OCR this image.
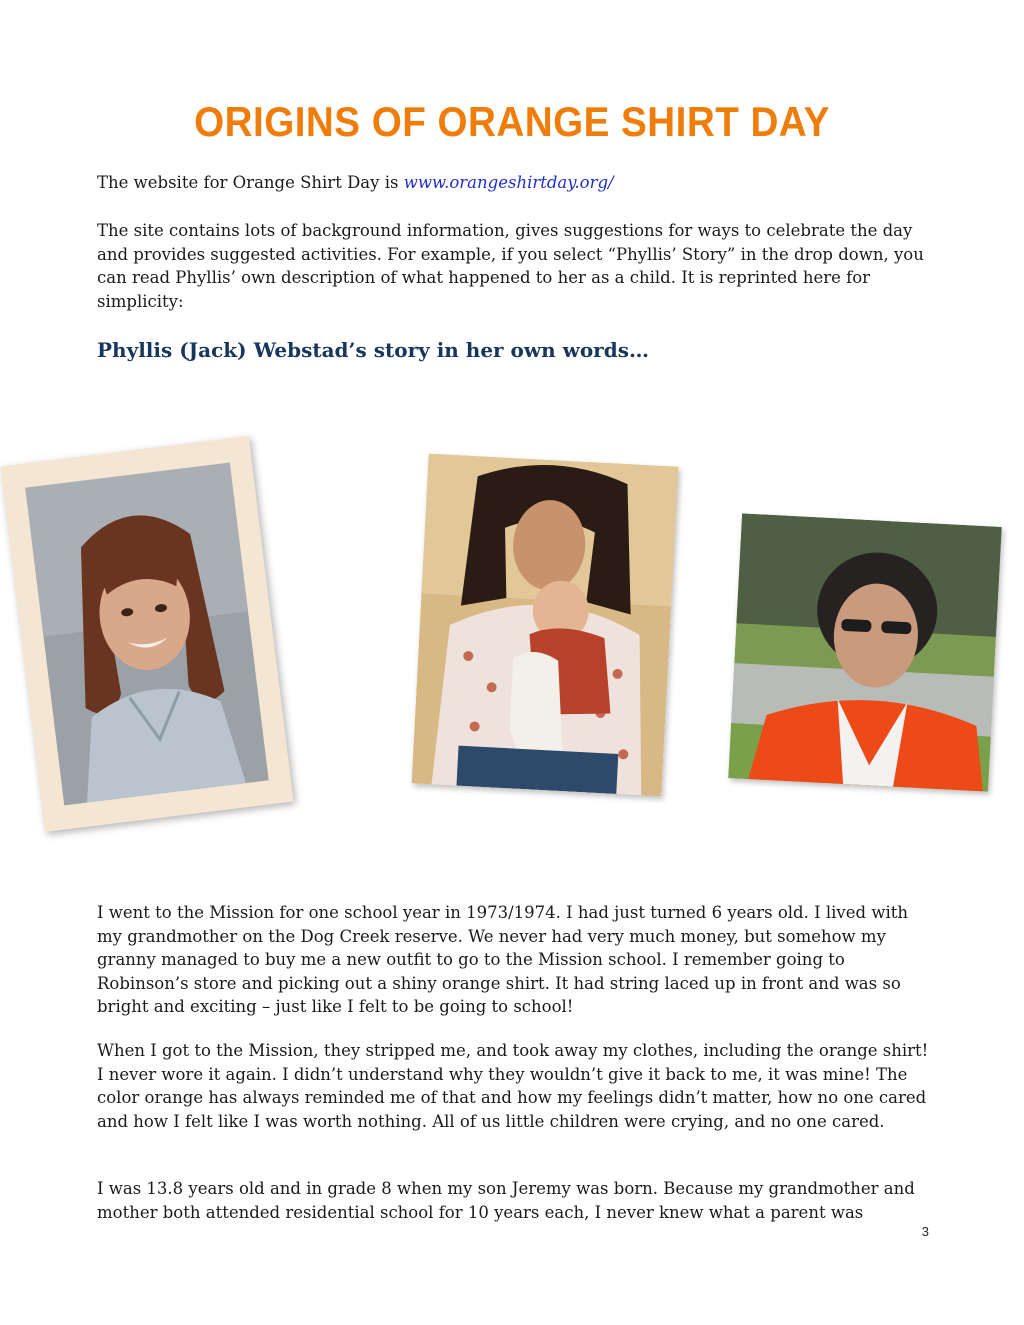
ORIGINS OF ORANGE SHIRT DAY

The website for Orange Shirt Day is www.orangeshirtday.org/

The site contains lots of background information, gives suggestions for ways to celebrate the day and provides suggested activities. For example, if you select “Phyllis’ Story” in the drop down, you can read Phyllis’ own description of what happened to her as a child. It is reprinted here for simplicity:

Phyllis (Jack) Webstad’s story in her own words…

I went to the Mission for one school year in 1973/1974. I had just turned 6 years old. I lived with my grandmother on the Dog Creek reserve. We never had very much money, but somehow my granny managed to buy me a new outfit to go to the Mission school. I remember going to Robinson’s store and picking out a shiny orange shirt. It had string laced up in front and was so bright and exciting – just like I felt to be going to school!

When I got to the Mission, they stripped me, and took away my clothes, including the orange shirt! I never wore it again. I didn’t understand why they wouldn’t give it back to me, it was mine! The color orange has always reminded me of that and how my feelings didn’t matter, how no one cared and how I felt like I was worth nothing. All of us little children were crying, and no one cared.

I was 13.8 years old and in grade 8 when my son Jeremy was born. Because my grandmother and mother both attended residential school for 10 years each, I never knew what a parent was

3
